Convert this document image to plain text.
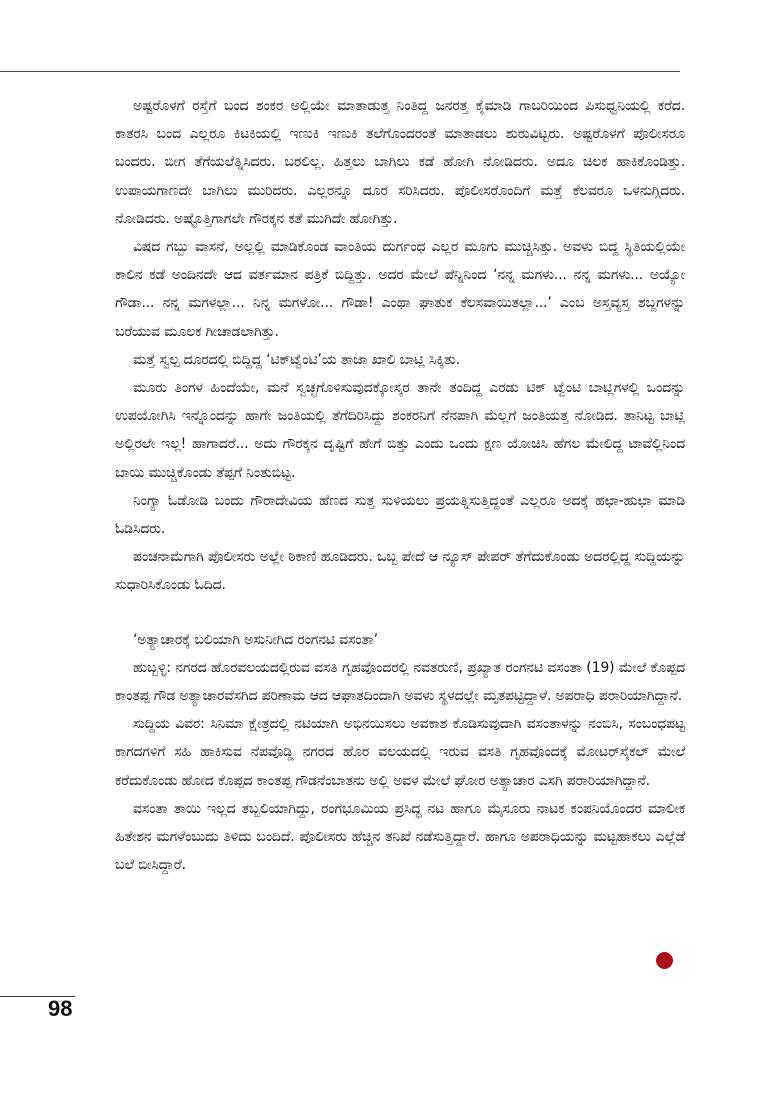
ಅಷ್ಟರೊಳಗೆ ರಸ್ತೆಗೆ ಬಂದ ಶಂಕರ ಅಲ್ಲಿಯೇ ಮಾತಾಡುತ್ತ ನಿಂತಿದ್ದ ಜನರತ್ತ ಕೈಮಾಡಿ ಗಾಬರಿಯಿಂದ ಪಿಸುಧ್ವನಿಯಲ್ಲಿ ಕರೆದ. ಕಾತರಸಿ ಬಂದ ಎಲ್ಲರೂ ಕಿಟಕಿಯಲ್ಲಿ ಇಣುಕಿ ಇಣುಕಿ ತಲೆಗೊಂದರಂತೆ ಮಾತಾಡಲು ಶುರುವಿಟ್ಟರು. ಅಷ್ಟರೊಳಗೆ ಪೊಲೀಸರೂ ಬಂದರು. ಬೀಗ ತೆಗೆಯಲೆತ್ನಿಸಿದರು. ಬರಲಿಲ್ಲ. ಹಿತ್ತಲು ಬಾಗಿಲು ಕಡೆ ಹೋಗಿ ನೋಡಿದರು. ಅದೂ ಚಿಲಕ ಹಾಕಿಕೊಂಡಿತ್ತು. ಉಪಾಯಗಾಣದೇ ಬಾಗಿಲು ಮುರಿದರು. ಎಲ್ಲರನ್ನೂ ದೂರ ಸರಿಸಿದರು. ಪೊಲೀಸರೊಂದಿಗೆ ಮತ್ತೆ ಕೆಲವರೂ ಒಳನುಗ್ಗಿದರು. ನೋಡಿದರು. ಅಷ್ಟೊತ್ತಿಗಾಗಲೇ ಗೌರಕ್ಕನ ಕತೆ ಮುಗಿದೇ ಹೋಗಿತ್ತು.

ವಿಷದ ಗಬ್ಬು ವಾಸನೆ, ಅಲ್ಲಲ್ಲಿ ಮಾಡಿಕೊಂಡ ವಾಂತಿಯ ದುರ್ಗಂಧ ಎಲ್ಲರ ಮೂಗು ಮುಚ್ಚಿಸಿತ್ತು. ಅವಳು ಬಿದ್ದ ಸ್ಥಿತಿಯಲ್ಲಿಯೇ ಕಾಲಿನ ಕಡೆ ಅಂದಿನದೇ ಆದ ವರ್ತಮಾನ ಪತ್ರಿಕೆ ಬಿದ್ದಿತ್ತು. ಅದರ ಮೇಲೆ ಪೆನ್ನಿನಿಂದ ‘ನನ್ನ ಮಗಳು... ನನ್ನ ಮಗಳು... ಅಯ್ಯೋ ಗೌಡಾ... ನನ್ನ ಮಗಳಲ್ಲಾ... ನಿನ್ನ ಮಗಳೋ... ಗೌಡಾ! ಎಂಥಾ ಘಾತುಕ ಕೆಲಸವಾಯಿತಲ್ಲಾ...’ ಎಂಬ ಅಸ್ತವ್ಯಸ್ತ ಶಬ್ದಗಳನ್ನು ಬರೆಯುವ ಮೂಲಕ ಗೀಚಾಡಲಾಗಿತ್ತು.

ಮತ್ತೆ ಸ್ವಲ್ಪ ದೂರದಲ್ಲಿ ಬಿದ್ದಿದ್ದ ‘ಟಿಕ್‌ಟ್ವೆಂಟಿ’ಯ ತಾಜಾ ಖಾಲಿ ಬಾಟ್ಲಿ ಸಿಕ್ಕಿತು.

ಮೂರು ತಿಂಗಳ ಹಿಂದೆಯೇ, ಮನೆ ಸ್ವಚ್ಛಗೊಳಿಸುವುದಕ್ಕೋಸ್ಕರ ತಾನೇ ತಂದಿದ್ದ ಎರಡು ಟಿಕ್ ಟ್ವೆಂಟಿ ಬಾಟ್ಲಿಗಳಲ್ಲಿ ಒಂದನ್ನು ಉಪಯೋಗಿಸಿ ಇನ್ನೊಂದನ್ನು ಹಾಗೇ ಜಂತಿಯಲ್ಲಿ ತೆಗೆದಿರಿಸಿದ್ದು ಶಂಕರನಿಗೆ ನೆನಪಾಗಿ ಮೆಲ್ಲಗೆ ಜಂತಿಯತ್ತ ನೋಡಿದ. ತಾನಿಟ್ಟ ಬಾಟ್ಲಿ ಅಲ್ಲಿರಲೇ ಇಲ್ಲ! ಹಾಗಾದರೆ... ಅದು ಗೌರಕ್ಕನ ದೃಷ್ಟಿಗೆ ಹೇಗೆ ಬಿತ್ತು ಎಂದು ಒಂದು ಕ್ಷಣ ಯೋಚಿಸಿ ಹೆಗಲ ಮೇಲಿದ್ದ ಟಾವೆಲ್ಲಿನಿಂದ ಬಾಯಿ ಮುಚ್ಚಿಕೊಂಡು ತೆಪ್ಪಗೆ ನಿಂತುಬಿಟ್ಟ.

ನಿಂಗ್ಯಾ ಓಡೋಡಿ ಬಂದು ಗೌರಾದೇವಿಯ ಹೆಣದ ಸುತ್ತ ಸುಳಿಯಲು ಪ್ರಯತ್ನಿಸುತ್ತಿದ್ದಂತೆ ಎಲ್ಲರೂ ಅದಕ್ಕೆ ಹಛಾ-ಹುಛಾ ಮಾಡಿ ಓಡಿಸಿದರು.

ಪಂಚನಾಮೆಗಾಗಿ ಪೊಲೀಸರು ಅಲ್ಲೇ ಠಿಕಾಣಿ ಹೂಡಿದರು. ಒಬ್ಬ ಪೇದೆ ಆ ನ್ಯೂಸ್ ಪೇಪರ್ ತೆಗೆದುಕೊಂಡು ಅದರಲ್ಲಿದ್ದ ಸುದ್ದಿಯನ್ನು ಸುಧಾರಿಸಿಕೊಂಡು ಓದಿದ.

‘ಅತ್ಯಾಚಾರಕ್ಕೆ ಬಲಿಯಾಗಿ ಅಸುನೀಗಿದ ರಂಗನಟಿ ವಸಂತಾ’

ಹುಬ್ಬಳ್ಳಿ: ನಗರದ ಹೊರವಲಯದಲ್ಲಿರುವ ವಸತಿ ಗೃಹವೊಂದರಲ್ಲಿ ನವತರುಣಿ, ಪ್ರಖ್ಯಾತ ರಂಗನಟಿ ವಸಂತಾ (19) ಮೇಲೆ ಕೊಪ್ಪದ ಕಾಂತಪ್ಪ ಗೌಡ ಅತ್ಯಾಚಾರವೆಸಗಿದ ಪರಿಣಾಮ ಆದ ಆಘಾತದಿಂದಾಗಿ ಅವಳು ಸ್ಥಳದಲ್ಲೇ ಮೃತಪಟ್ಟಿದ್ದಾಳೆ. ಅಪರಾಧಿ ಪರಾರಿಯಾಗಿದ್ದಾನೆ.

ಸುದ್ದಿಯ ವಿವರ: ಸಿನಿಮಾ ಕ್ಷೇತ್ರದಲ್ಲಿ ನಟಿಯಾಗಿ ಅಭಿನಯಿಸಲು ಅವಕಾಶ ಕೊಡಿಸುವುದಾಗಿ ವಸಂತಾಳನ್ನು ನಂಬಿಸಿ, ಸಂಬಂಧಪಟ್ಟ ಕಾಗದಗಳಿಗೆ ಸಹಿ ಹಾಕಿಸುವ ನೆಪವೊಡ್ಡಿ ನಗರದ ಹೊರ ವಲಯದಲ್ಲಿ ಇರುವ ವಸತಿ ಗೃಹವೊಂದಕ್ಕೆ ಮೋಟರ್‌ಸೈಕಲ್ ಮೇಲೆ ಕರೆದುಕೊಂಡು ಹೋದ ಕೊಪ್ಪದ ಕಾಂತಪ್ಪ ಗೌಡನೆಂಬಾತನು ಅಲ್ಲಿ ಅವಳ ಮೇಲೆ ಘೋರ ಅತ್ಯಾಚಾರ ಎಸಗಿ ಪರಾರಿಯಾಗಿದ್ದಾನೆ.

ವಸಂತಾ ತಾಯಿ ಇಲ್ಲದ ತಬ್ಬಲಿಯಾಗಿದ್ದು, ರಂಗಭೂಮಿಯ ಪ್ರಸಿದ್ಧ ನಟ ಹಾಗೂ ಮೈಸೂರು ನಾಟಕ ಕಂಪನಿಯೊಂದರ ಮಾಲೀಕ ಹಿತೇಶನ ಮಗಳೆಂಬುದು ತಿಳಿದು ಬಂದಿದೆ. ಪೊಲೀಸರು ಹೆಚ್ಚಿನ ತನಿಖೆ ನಡೆಸುತ್ತಿದ್ದಾರೆ. ಹಾಗೂ ಅಪರಾಧಿಯನ್ನು ಮಟ್ಟಹಾಕಲು ಎಲ್ಲೆಡೆ ಬಲೆ ಬೀಸಿದ್ದಾರೆ.

98
